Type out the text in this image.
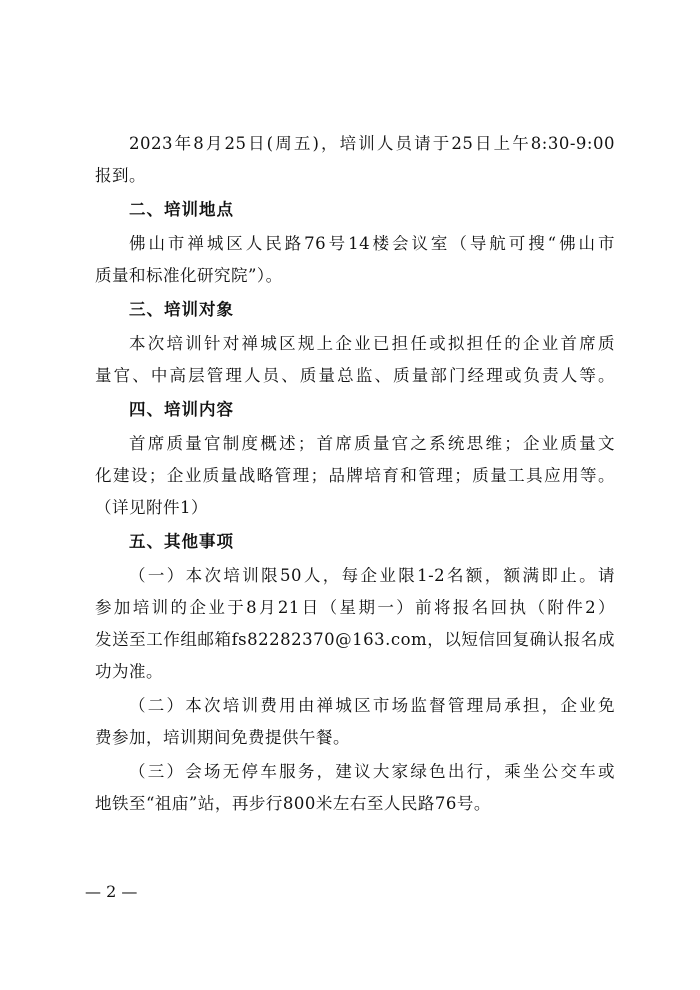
2023年8月25日(周五)，培训人员请于25日上午8:30-9:00
报到。
二、培训地点
佛山市禅城区人民路76号14楼会议室（导航可搜“佛山市
质量和标准化研究院”）。
三、培训对象
本次培训针对禅城区规上企业已担任或拟担任的企业首席质
量官、中高层管理人员、质量总监、质量部门经理或负责人等。
四、培训内容
首席质量官制度概述；首席质量官之系统思维；企业质量文
化建设；企业质量战略管理；品牌培育和管理；质量工具应用等。
（详见附件1）
五、其他事项
（一）本次培训限50人，每企业限1-2名额，额满即止。请
参加培训的企业于8月21日（星期一）前将报名回执（附件2）
发送至工作组邮箱fs82282370@163.com，以短信回复确认报名成
功为准。
（二）本次培训费用由禅城区市场监督管理局承担，企业免
费参加，培训期间免费提供午餐。
（三）会场无停车服务，建议大家绿色出行，乘坐公交车或
地铁至“祖庙”站，再步行800米左右至人民路76号。
— 2 —
